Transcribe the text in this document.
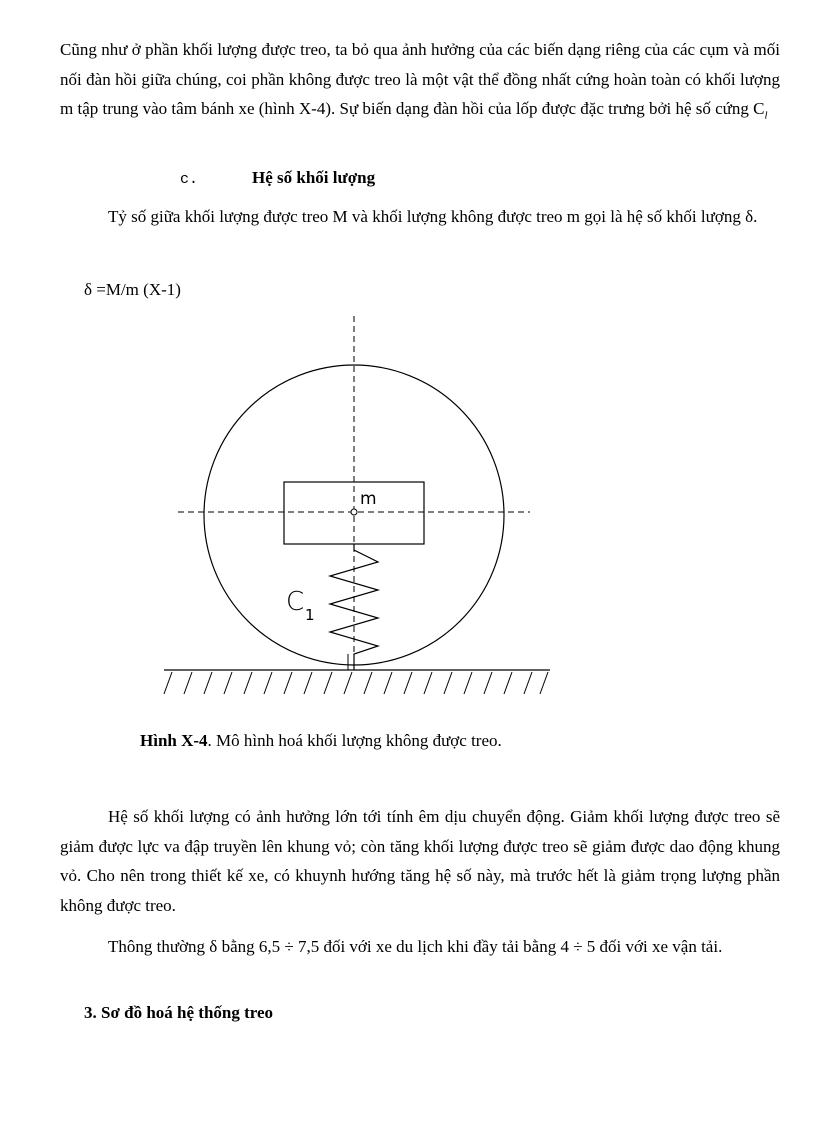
Cũng như ở phần khối lượng được treo, ta bỏ qua ảnh hưởng của các biến dạng riêng của các cụm và mối nối đàn hồi giữa chúng, coi phần không được treo là một vật thể đồng nhất cứng hoàn toàn có khối lượng m tập trung vào tâm bánh xe (hình X-4). Sự biến dạng đàn hồi của lốp được đặc trưng bởi hệ số cứng $C_l$

c.	Hệ số khối lượng

Tỷ số giữa khối lượng được treo M và khối lượng không được treo m gọi là hệ số khối lượng δ.

δ =M/m (X-1)
m
C 1
Hình X-4. Mô hình hoá khối lượng không được treo.

Hệ số khối lượng có ảnh hưởng lớn tới tính êm dịu chuyển động. Giảm khối lượng được treo sẽ giảm được lực va đập truyền lên khung vỏ; còn tăng khối lượng được treo sẽ giảm được dao động khung vỏ. Cho nên trong thiết kế xe, có khuynh hướng tăng hệ số này, mà trước hết là giảm trọng lượng phần không được treo.

Thông thường δ bằng 6,5 ÷ 7,5 đối với xe du lịch khi đầy tải bằng 4 ÷ 5 đối với xe vận tải.

3. Sơ đồ hoá hệ thống treo
